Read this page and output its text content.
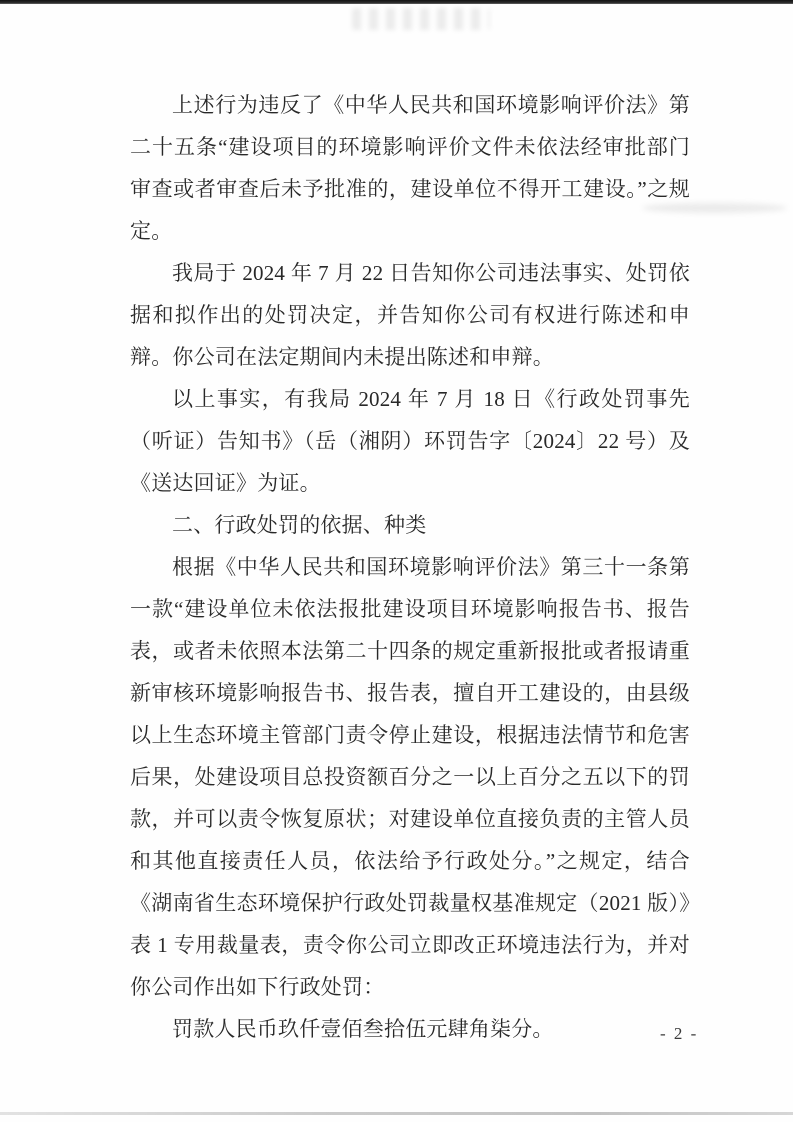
上述行为违反了《中华人民共和国环境影响评价法》第二十五条“建设项目的环境影响评价文件未依法经审批部门审查或者审查后未予批准的，建设单位不得开工建设。”之规定。

我局于 2024 年 7 月 22 日告知你公司违法事实、处罚依据和拟作出的处罚决定，并告知你公司有权进行陈述和申辩。你公司在法定期间内未提出陈述和申辩。

以上事实，有我局 2024 年 7 月 18 日《行政处罚事先（听证）告知书》（岳（湘阴）环罚告字〔2024〕22 号）及《送达回证》为证。

二、行政处罚的依据、种类

根据《中华人民共和国环境影响评价法》第三十一条第一款“建设单位未依法报批建设项目环境影响报告书、报告表，或者未依照本法第二十四条的规定重新报批或者报请重新审核环境影响报告书、报告表，擅自开工建设的，由县级以上生态环境主管部门责令停止建设，根据违法情节和危害后果，处建设项目总投资额百分之一以上百分之五以下的罚款，并可以责令恢复原状；对建设单位直接负责的主管人员和其他直接责任人员，依法给予行政处分。”之规定，结合《湖南省生态环境保护行政处罚裁量权基准规定（2021 版）》表 1 专用裁量表，责令你公司立即改正环境违法行为，并对你公司作出如下行政处罚：

罚款人民币玖仟壹佰叁拾伍元肆角柒分。	- 2 -
